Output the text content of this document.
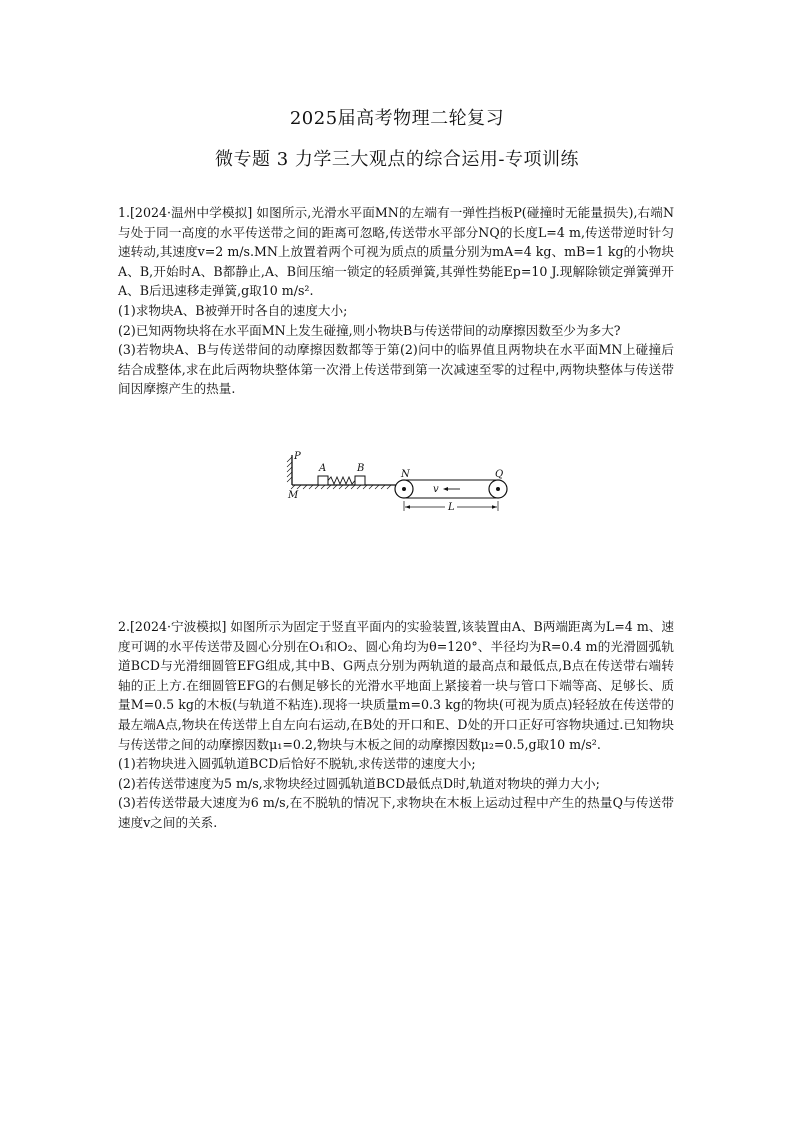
2025届高考物理二轮复习
微专题 3 力学三大观点的综合运用-专项训练

1.[2024·温州中学模拟] 如图所示,光滑水平面MN的左端有一弹性挡板P(碰撞时无能量损失),右端N与处于同一高度的水平传送带之间的距离可忽略,传送带水平部分NQ的长度L=4 m,传送带逆时针匀速转动,其速度v=2 m/s.MN上放置着两个可视为质点的质量分别为mA=4 kg、mB=1 kg的小物块A、B,开始时A、B都静止,A、B间压缩一锁定的轻质弹簧,其弹性势能Ep=10 J.现解除锁定弹簧弹开A、B后迅速移走弹簧,g取10 m/s².

(1)求物块A、B被弹开时各自的速度大小;

(2)已知两物块将在水平面MN上发生碰撞,则小物块B与传送带间的动摩擦因数至少为多大?

(3)若物块A、B与传送带间的动摩擦因数都等于第(2)问中的临界值且两物块在水平面MN上碰撞后结合成整体,求在此后两物块整体第一次滑上传送带到第一次减速至零的过程中,两物块整体与传送带间因摩擦产生的热量.

P
M
A	B
N	Q
v
L

2.[2024·宁波模拟] 如图所示为固定于竖直平面内的实验装置,该装置由A、B两端距离为L=4 m、速度可调的水平传送带及圆心分别在O₁和O₂、圆心角均为θ=120°、半径均为R=0.4 m的光滑圆弧轨道BCD与光滑细圆管EFG组成,其中B、G两点分别为两轨道的最高点和最低点,B点在传送带右端转轴的正上方.在细圆管EFG的右侧足够长的光滑水平地面上紧接着一块与管口下端等高、足够长、质量M=0.5 kg的木板(与轨道不粘连).现将一块质量m=0.3 kg的物块(可视为质点)轻轻放在传送带的最左端A点,物块在传送带上自左向右运动,在B处的开口和E、D处的开口正好可容物块通过.已知物块与传送带之间的动摩擦因数μ₁=0.2,物块与木板之间的动摩擦因数μ₂=0.5,g取10 m/s².

(1)若物块进入圆弧轨道BCD后恰好不脱轨,求传送带的速度大小;

(2)若传送带速度为5 m/s,求物块经过圆弧轨道BCD最低点D时,轨道对物块的弹力大小;

(3)若传送带最大速度为6 m/s,在不脱轨的情况下,求物块在木板上运动过程中产生的热量Q与传送带速度v之间的关系.
